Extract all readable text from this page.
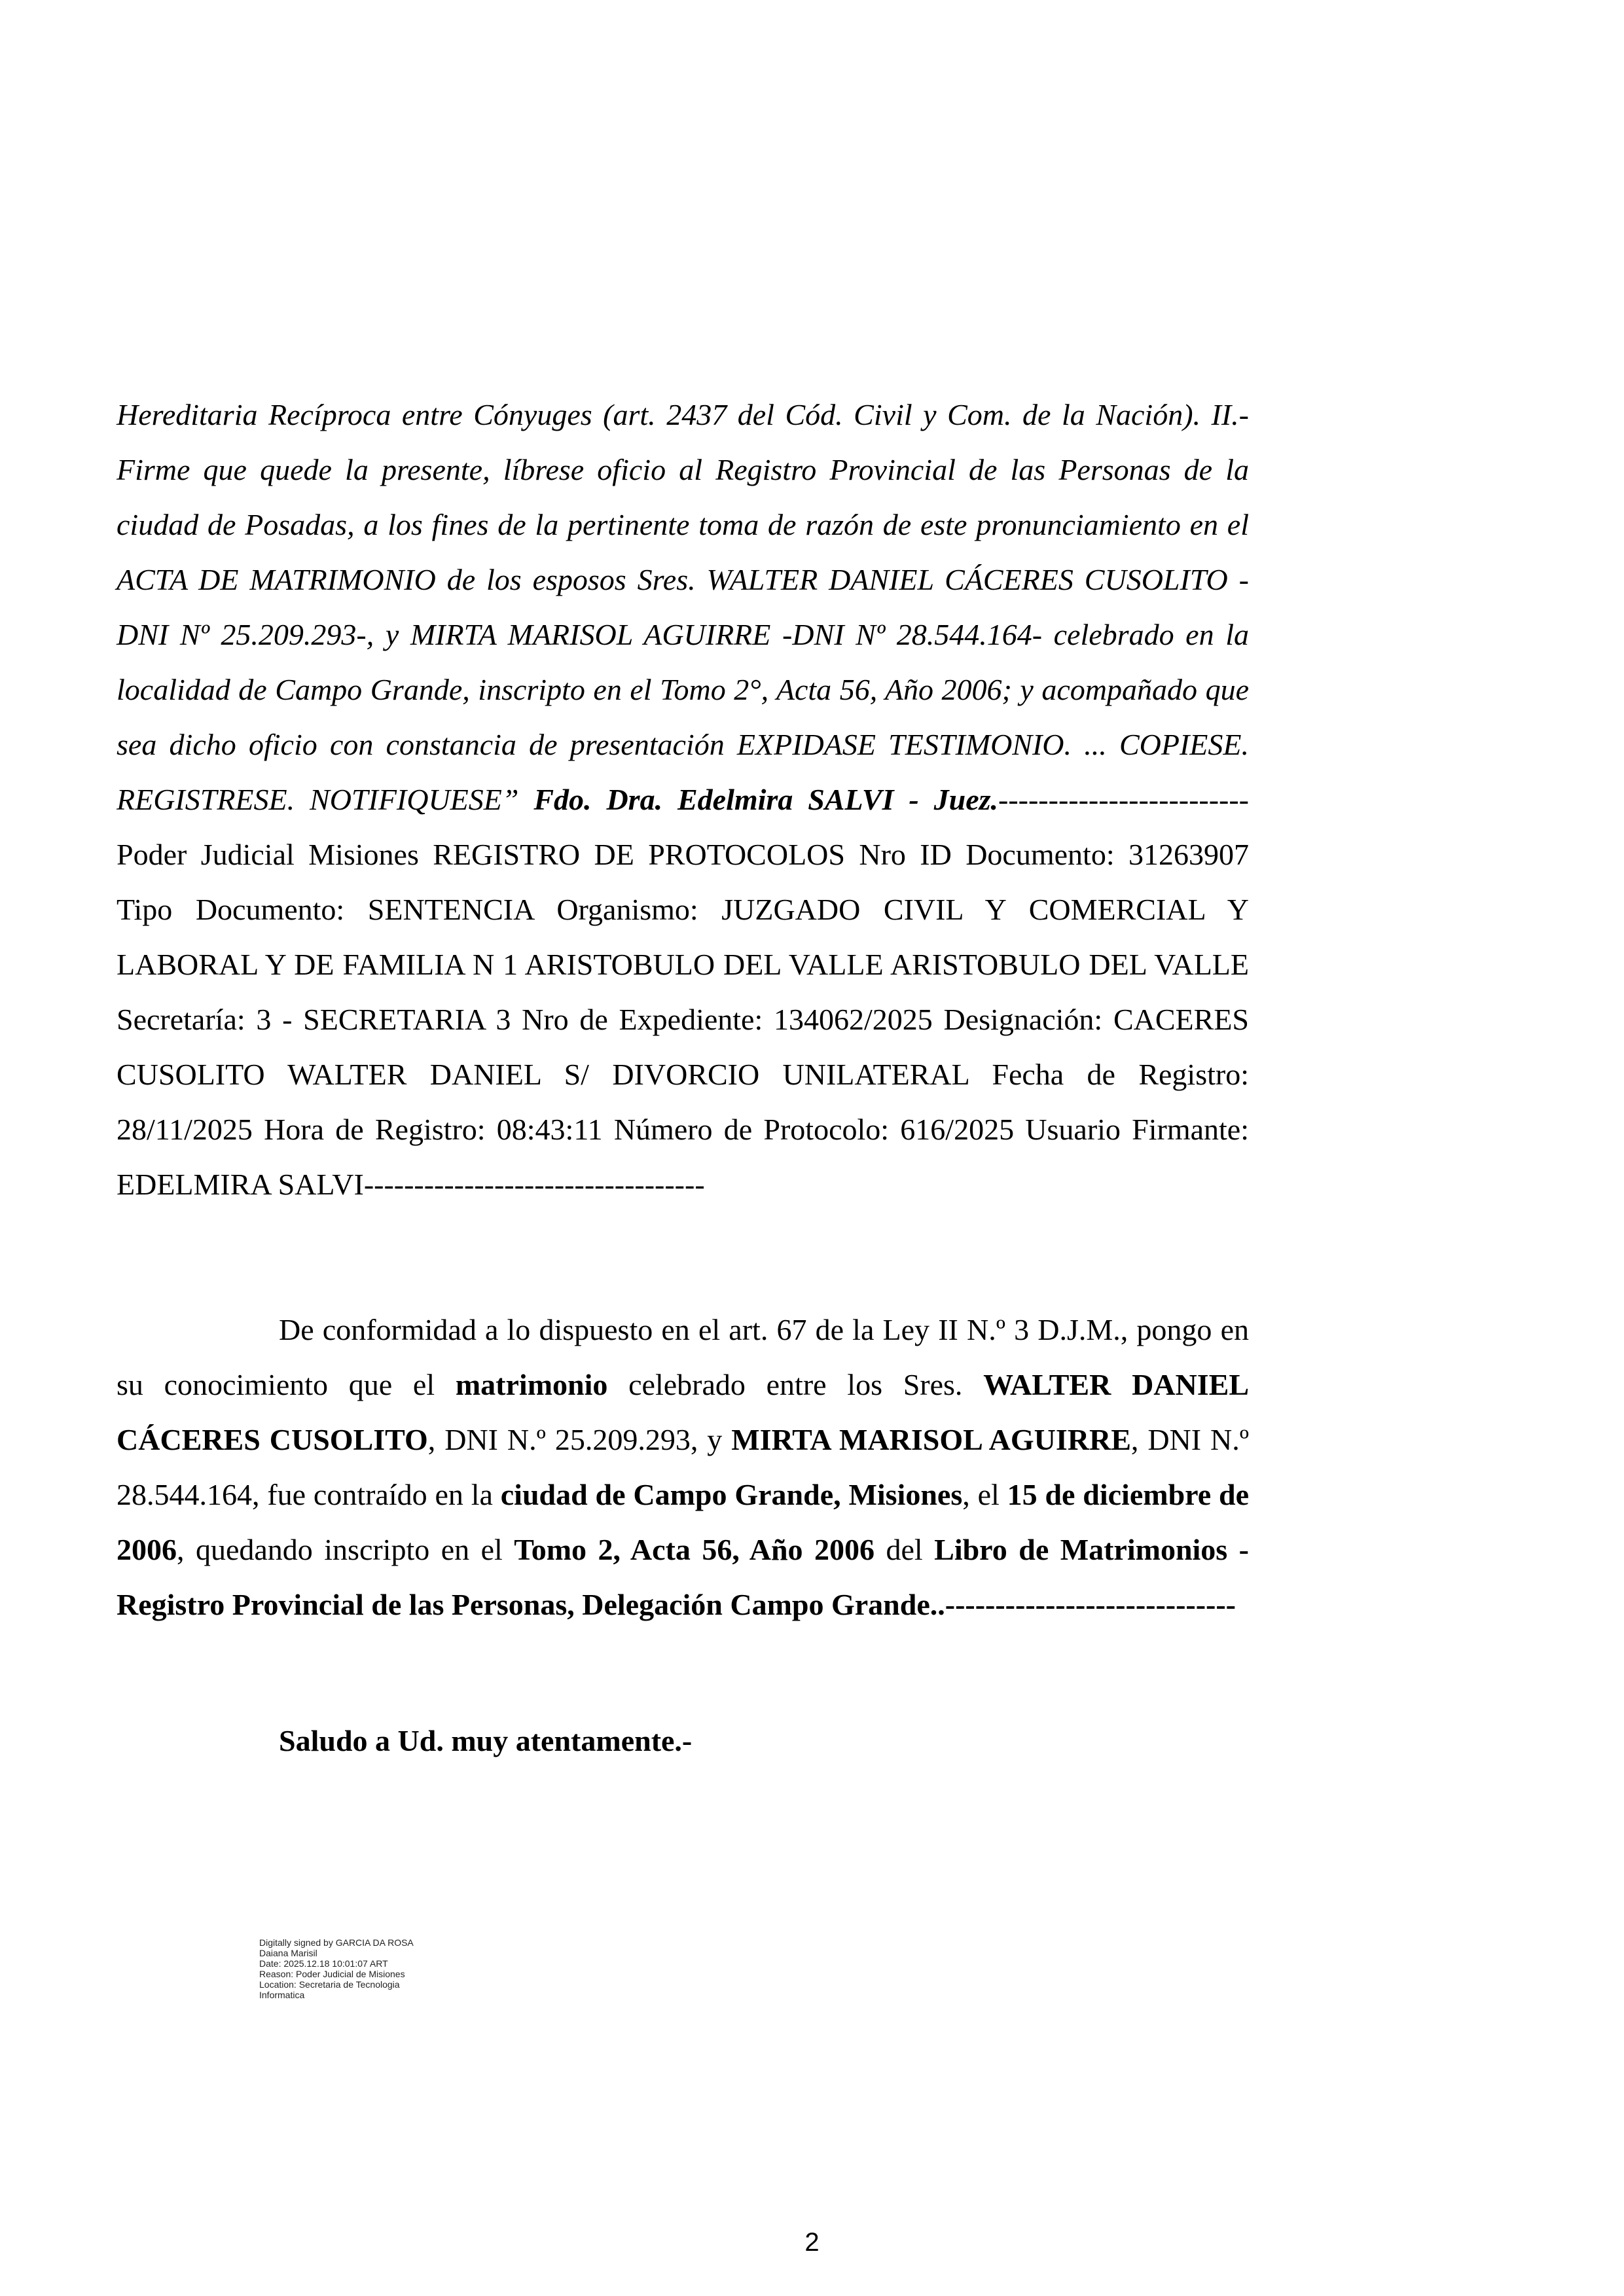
Hereditaria Recíproca entre Cónyuges (art. 2437 del Cód. Civil y Com. de la Nación). II.- Firme que quede la presente, líbrese oficio al Registro Provincial de las Personas de la ciudad de Posadas, a los fines de la pertinente toma de razón de este pronunciamiento en el ACTA DE MATRIMONIO de los esposos Sres. WALTER DANIEL CÁCERES CUSOLITO -DNI Nº 25.209.293-, y MIRTA MARISOL AGUIRRE -DNI Nº 28.544.164- celebrado en la localidad de Campo Grande, inscripto en el Tomo 2°, Acta 56, Año 2006; y acompañado que sea dicho oficio con constancia de presentación EXPIDASE TESTIMONIO. ... COPIESE. REGISTRESE. NOTIFIQUESE” Fdo. Dra. Edelmira SALVI - Juez.------------------------- Poder Judicial Misiones REGISTRO DE PROTOCOLOS Nro ID Documento: 31263907 Tipo Documento: SENTENCIA Organismo: JUZGADO CIVIL Y COMERCIAL Y LABORAL Y DE FAMILIA N 1 ARISTOBULO DEL VALLE ARISTOBULO DEL VALLE Secretaría: 3 - SECRETARIA 3 Nro de Expediente: 134062/2025 Designación: CACERES CUSOLITO WALTER DANIEL S/ DIVORCIO UNILATERAL Fecha de Registro: 28/11/2025 Hora de Registro: 08:43:11 Número de Protocolo: 616/2025 Usuario Firmante: EDELMIRA SALVI----------------------------------
De conformidad a lo dispuesto en el art. 67 de la Ley II N.º 3 D.J.M., pongo en su conocimiento que el matrimonio celebrado entre los Sres. WALTER DANIEL CÁCERES CUSOLITO, DNI N.º 25.209.293, y MIRTA MARISOL AGUIRRE, DNI N.º 28.544.164, fue contraído en la ciudad de Campo Grande, Misiones, el 15 de diciembre de 2006, quedando inscripto en el Tomo 2, Acta 56, Año 2006 del Libro de Matrimonios - Registro Provincial de las Personas, Delegación Campo Grande..-----------------------------
Saludo a Ud. muy atentamente.-
Digitally signed by GARCIA DA ROSA
Daiana Marisil
Date: 2025.12.18 10:01:07 ART
Reason: Poder Judicial de Misiones
Location: Secretaria de Tecnologia
Informatica
2
